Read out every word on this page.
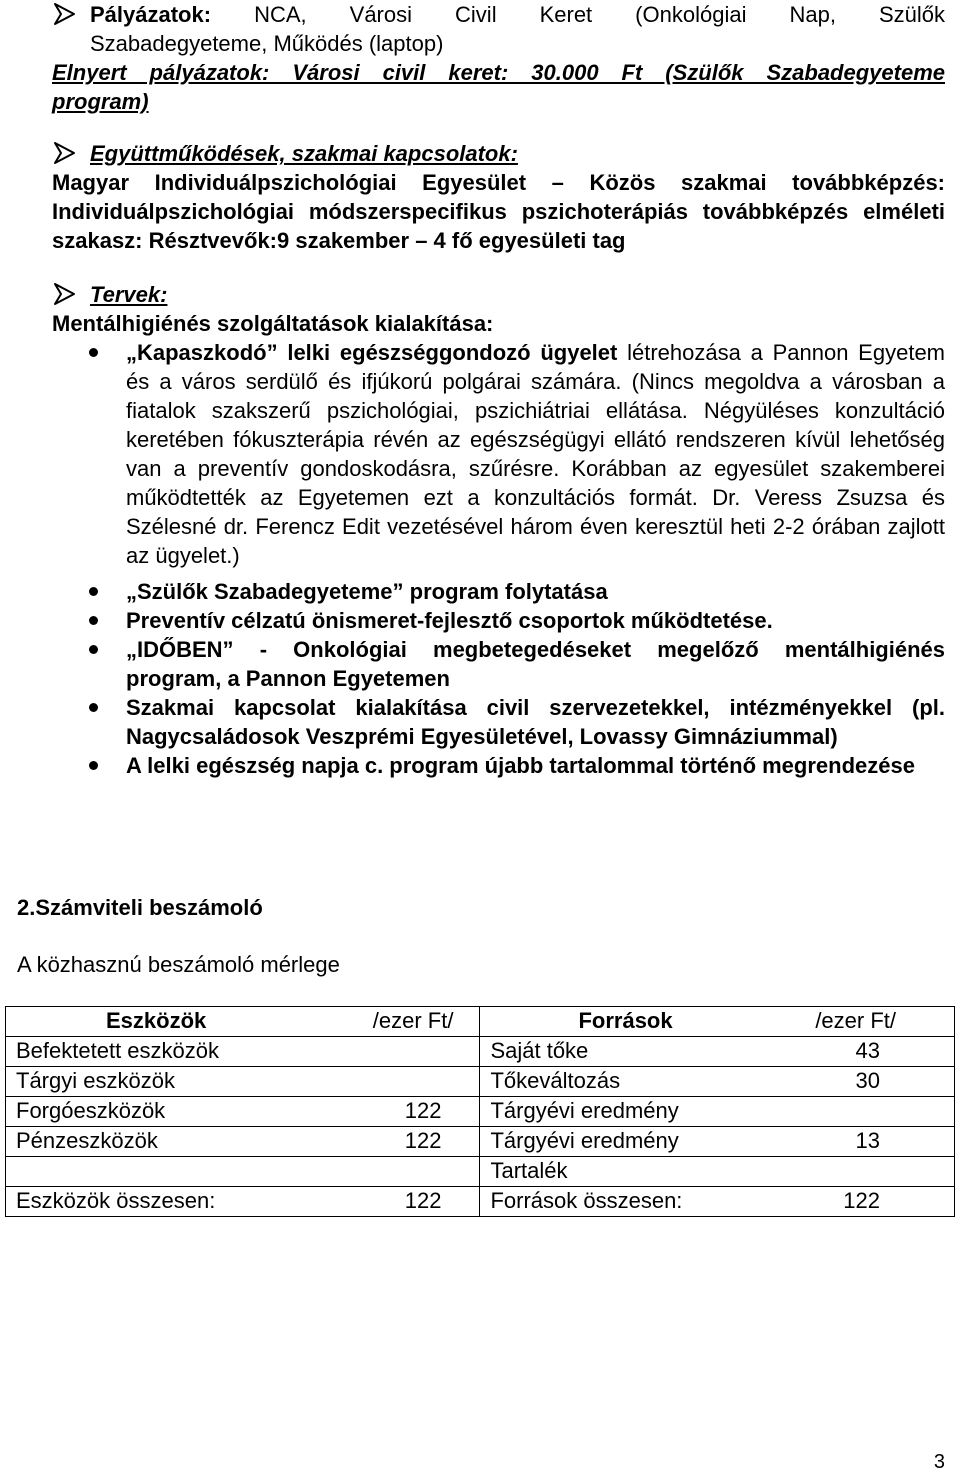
Pályázatok: NCA, Városi Civil Keret (Onkológiai Nap, Szülők
Szabadegyeteme, Működés (laptop)
Elnyert pályázatok: Városi civil keret: 30.000 Ft (Szülők Szabadegyeteme
program)
Együttműködések, szakmai kapcsolatok:
Magyar Individuálpszichológiai Egyesület – Közös szakmai továbbképzés: Individuálpszichológiai módszerspecifikus pszichoterápiás továbbképzés elméleti szakasz: Résztvevők:9 szakember – 4 fő egyesületi tag
Tervek:
Mentálhigiénés szolgáltatások kialakítása:
„Kapaszkodó” lelki egészséggondozó ügyelet létrehozása a Pannon Egyetem és a város serdülő és ifjúkorú polgárai számára. (Nincs megoldva a városban a fiatalok szakszerű pszichológiai, pszichiátriai ellátása. Négyüléses konzultáció keretében fókuszterápia révén az egészségügyi ellátó rendszeren kívül lehetőség van a preventív gondoskodásra, szűrésre. Korábban az egyesület szakemberei működtették az Egyetemen ezt a konzultációs formát. Dr. Veress Zsuzsa és Szélesné dr. Ferencz Edit vezetésével három éven keresztül heti 2-2 órában zajlott az ügyelet.)
„Szülők Szabadegyeteme” program folytatása
Preventív célzatú önismeret-fejlesztő csoportok működtetése.
„IDŐBEN” - Onkológiai megbetegedéseket megelőző mentálhigiénés program, a Pannon Egyetemen
Szakmai kapcsolat kialakítása civil szervezetekkel, intézményekkel (pl. Nagycsaládosok Veszprémi Egyesületével, Lovassy Gimnáziummal)
A lelki egészség napja c. program újabb tartalommal történő megrendezése
2.Számviteli beszámoló
A közhasznú beszámoló mérlege
Eszközök /ezer Ft/	Források /ezer Ft/

Befektetett eszközök	Saját tőke 43

Tárgyi eszközök	Tőkeváltozás 30

Forgóeszközök 122	Tárgyévi eredmény

Pénzeszközök 122	Tárgyévi eredmény 13

	Tartalék

Eszközök összesen: 122	Források összesen: 122
3
